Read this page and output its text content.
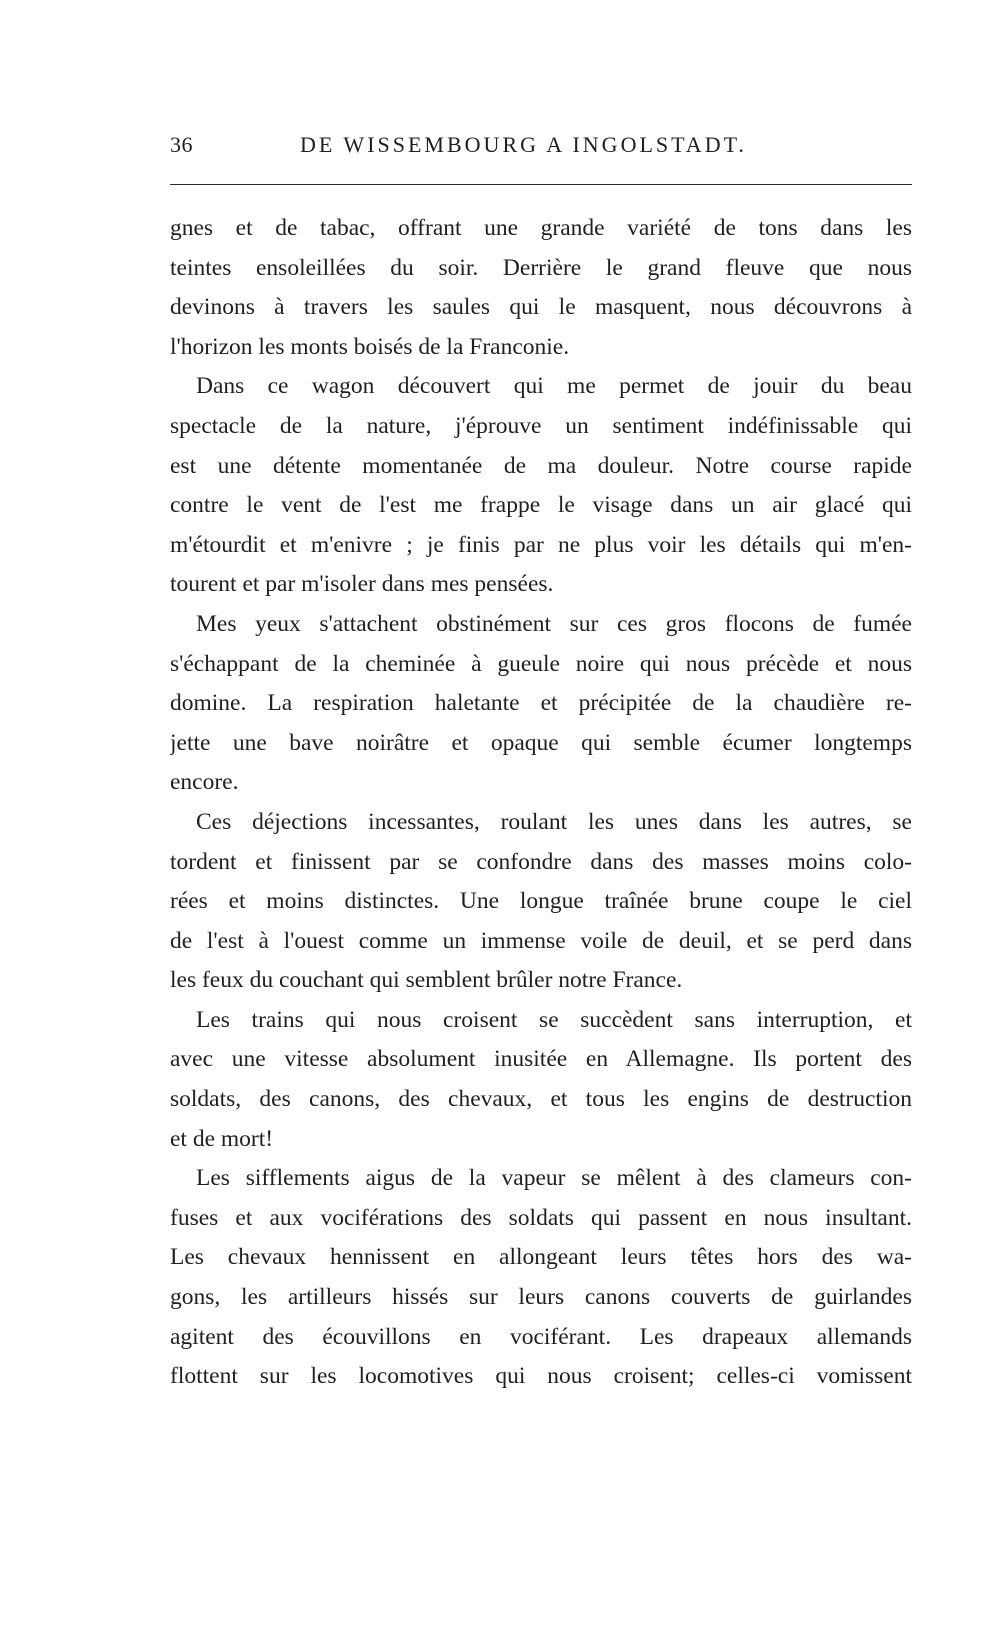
36	DE WISSEMBOURG A INGOLSTADT.
gnes et de tabac, offrant une grande variété de tons dans les
teintes ensoleillées du soir. Derrière le grand fleuve que nous
devinons à travers les saules qui le masquent, nous découvrons à
l'horizon les monts boisés de la Franconie.
Dans ce wagon découvert qui me permet de jouir du beau
spectacle de la nature, j'éprouve un sentiment indéfinissable qui
est une détente momentanée de ma douleur. Notre course rapide
contre le vent de l'est me frappe le visage dans un air glacé qui
m'étourdit et m'enivre ; je finis par ne plus voir les détails qui m'en-
tourent et par m'isoler dans mes pensées.
Mes yeux s'attachent obstinément sur ces gros flocons de fumée
s'échappant de la cheminée à gueule noire qui nous précède et nous
domine. La respiration haletante et précipitée de la chaudière re-
jette une bave noirâtre et opaque qui semble écumer longtemps
encore.
Ces déjections incessantes, roulant les unes dans les autres, se
tordent et finissent par se confondre dans des masses moins colo-
rées et moins distinctes. Une longue traînée brune coupe le ciel
de l'est à l'ouest comme un immense voile de deuil, et se perd dans
les feux du couchant qui semblent brûler notre France.
Les trains qui nous croisent se succèdent sans interruption, et
avec une vitesse absolument inusitée en Allemagne. Ils portent des
soldats, des canons, des chevaux, et tous les engins de destruction
et de mort!
Les sifflements aigus de la vapeur se mêlent à des clameurs con-
fuses et aux vociférations des soldats qui passent en nous insultant.
Les chevaux hennissent en allongeant leurs têtes hors des wa-
gons, les artilleurs hissés sur leurs canons couverts de guirlandes
agitent des écouvillons en vociférant. Les drapeaux allemands
flottent sur les locomotives qui nous croisent; celles-ci vomissent
